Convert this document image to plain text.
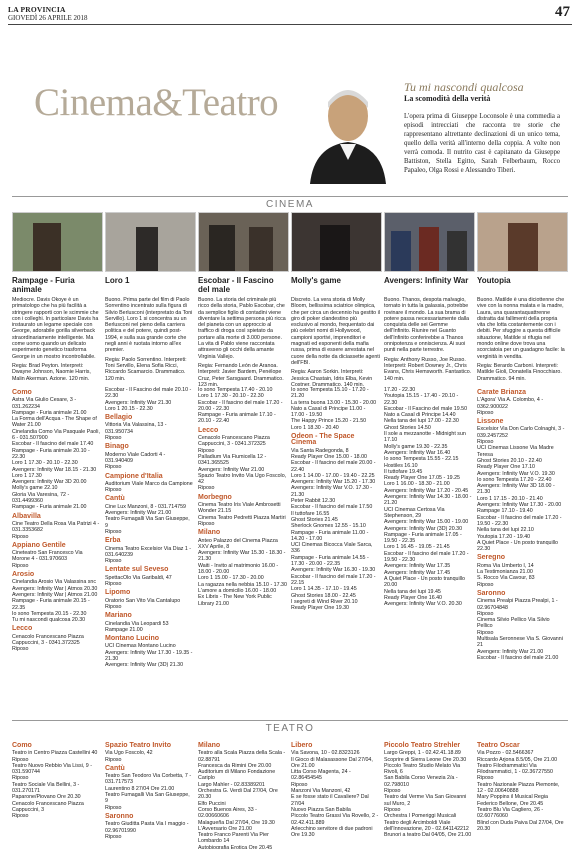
LA PROVINCIA
GIOVEDÌ 26 APRILE 2018	47
Cinema&Teatro	Tu mi nascondi qualcosa
La scomodità della verità
L'opera prima di Giuseppe Loconsole è una commedia a episodi intrecciati che racconta tre storie che rappresentano altrettante declinazioni di un unico tema, quello della verità all'interno della coppia. A volte non verrà comoda. Il nutrito cast è capitanato da Giuseppe Battiston, Stella Egitto, Sarah Felberbaum, Rocco Papaleo, Olga Rossi e Alessandro Tiberi.
CINEMA
Rampage - Furia animale
Mediocre. Davis Okoye è un primatologo che ha più facilità a stringere rapporti con le scimmie che con i colleghi. In particolare Davis ha instaurato un legame speciale con George, adorabile gorilla silverback straordinariamente intelligente. Ma come uomo quando un delicato esperimento genetico trasforma George in un mostro incontrollabile.
Regia: Brad Peyton. Interpreti: Dwayne Johnson, Naomie Harris, Malin Akerman. Azione. 120 min.
Loro 1
Buono. Prima parte del film di Paolo Sorrentino incentrato sulla figura di Silvio Berlusconi (interpretato da Toni Servillo). Loro 1 si concentra su un Berlusconi nel pieno della carriera politica e del potere, quindi post-1994, e sulla sua grande corte che negli anni è ruotata intorno all'ex premier.
Regia: Paolo Sorrentino. Interpreti: Toni Servillo, Elena Sofia Ricci, Riccardo Scamarcio. Drammatico. 120 min.
Escobar - Il Fascino del male
Buono. La storia del criminale più ricco della storia, Pablo Escobar, che da semplice figlio di contadini viene diventare la settima persona più ricca del pianeta con un approccio al traffico di droga così spietato da portare alla morte di 3.000 persone. La vita di Pablo viene raccontata attraverso gli occhi della amante Virginia Vallejo.
Regia: Fernando León de Aranoa. Interpreti: Javier Bardem, Penélope Cruz, Peter Sarsgaard. Drammatico. 123 min.
Molly's game
Discreto. La vera storia di Molly Bloom, bellissima sciatrice olimpica, che per circa un decennio ha gestito il giro di poker clandestino più esclusivo al mondo, frequentato dai più celebri nomi di Hollywood, campioni sportivi, imprenditori e magnati ed esponenti della mafia russa, prima di essere arrestata nel cuore della notte da diciassette agenti dell'FBI.
Regia: Aaron Sorkin. Interpreti: Jessica Chastain, Idris Elba, Kevin Costner. Drammatico. 140 min.
Avengers: Infinity War
Buono. Thanos, despota malvagio, tornato in tutta la galassia, potrebbe rovinare il mondo. La sua brama di potere passa necessariamente dalla conquista delle sei Gemme dell'Infinito. Riunire nel Guanto dell'Infinito conferirebbe a Thanos onnipotenza e onniscienza. Ai suoi punti nella parte terrestre.
Regia: Anthony Russo, Joe Russo. Interpreti: Robert Downey Jr., Chris Evans, Chris Hemsworth. Fantastico. 140 min.
Youtopia
Buono. Matilde è una diciottenne che vive con la nonna malata e la madre, Laura, una quarantaquattrenne distratta dai fallimenti della propria vita che lotta costantemente con i debiti. Per sfuggire a questa difficile situazione, Matilde si rifugia nel mondo online dove trova una scorciatoia per un guadagno facile: la verginità in vendita.
Regia: Berardo Carboni. Interpreti: Matilde Gioli, Donatella Finocchiaro. Drammatico. 94 min.
Como
Astra Via Giulio Cesare, 3 - 031.262234
Rampage - Furia animale 21.00
La Forma dell'Acqua - The Shape of Water 21.00
Cinelandia Como Via Pasquale Paoli, 6 - 031.507900
Escobar - Il fascino del male 17.40
Rampage - Furia animale 20.10 - 22.30
Loro 1 17.30 - 20.10 - 22.30
Avengers: Infinity War 18.15 - 21.30
Loro 1 17.30
Avengers: Infinity War 3D 20.00
Molly's game 22.10
Gloria Via Varesina, 72 - 031.4499360
Rampage - Furia animale 21.00
Albavilla
Cine Teatro Della Rosa Via Patrizi 4 - 031.3353682
Riposo
Appiano Gentile
Cineteatro San Francesco Via Morone 4 - 031.970603
Riposo
Arosio
Cinelandia Arosio Via Valassina snc
Avengers: Infinity War | Atmos 20.30
Avengers: Infinity War | Atmos 21.00
Rampage - Furia animale 20.15 - 22.35
Io sono Tempesta 20.15 - 22.30
Tu mi nascondi qualcosa 20.30
Lecco
Cenacolo Francescano Piazza Cappuccini, 3 - 0341.372325
Riposo
Escobar - Il Fascino del male 20.10 - 22.30
Avengers: Infinity War 21.30
Loro 1 20.15 - 22.30
Bellagio
Vittoria Via Valassina, 13 - 031.950734
Riposo
Binago
Moderno Viale Cadorti 4 - 031.940409
Riposo
Campione d'Italia
Auditorium Viale Marco da Campione
Riposo
Cantù
Cine Lux Manzoni, 8 - 031.714759
Avengers: Infinity War 21.00
Teatro Fumagalli Via San Giuseppe, 9
Riposo
Erba
Cinema Teatro Excelsior Via Diaz 1 - 031.640239
Riposo
Lentate sul Seveso
SpettacOlo Via Garibaldi, 47
Riposo
Lipomo
Oratorio San Vito Via Cantalupo
Riposo
Mariano
Cinelandia Via Leopardi 53
Rampage 21.00
Montano Lucino
UCI Cinemas Montano Lucino
Avengers: Infinity War 17.30 - 19.35 - 21.30
Avengers: Infinity War (3D) 21.30
Io sono Tempesta 17.40 - 20.10
Loro 1 17.30 - 20.10 - 22.30
Escobar - Il fascino del male 17.20 - 20.00 - 22.30
Rampage - Furia animale 17.10 - 20.10 - 22.40
Lecco
Cenacolo Francescano Piazza Cappuccini, 3 - 0341.372325
Riposo
Palladium Via Fiumicella 12 - 0341.365525
Avengers: Infinity War 21.00
Spazio Teatro Invito Via Ugo Foscolo, 42
Riposo
Morbegno
Cinema Teatro Iris Viale Ambrosetti
Wonder 21.15
Cinema Teatro Pedretti Piazza Martiri
Riposo
Milano
Anteo Palazzo del Cinema Piazza XXV Aprile, 8
Avengers: Infinity War 15.30 - 18.30 - 21.30
Waiti - Invito al matrimonio 16.00 - 18.00 - 20.00
Loro 1 15.00 - 17.30 - 20.00
La ragazza nella nebbia 15.10 - 17.30
L'amore a domicilio 16.00 - 18.00
Ex Libris - The New York Public Library 21.00
Io sono Tempesta 15.10 - 17.20 - 21.20
La terra buona 13.00 - 15.30 - 20.00
Nato a Casal di Principe 11.00 - 17.00 - 19.50
The Happy Prince 15.20 - 21.50
Loro 1 18.30 - 20.40
Odeon - The Space Cinema
Via Santa Radegonda, 8
Ready Player One 15.00 - 18.00
Escobar - Il fascino del male 20.00 - 22.40
Loro 1 14.00 - 17.00 - 19.40 - 22.25
Avengers: Infinity War 15.20 - 17.30
Avengers: Infinity War V.O. 17.30 - 21.30
Peter Rabbit 12.30
Escobar - Il fascino del male 17.50
Il tuttofare 16.55
Ghost Stories 21.45
Sherlock Gnomes 12.55 - 15.10
Rampage - Furia animale 11.00 - 14.20 - 17.00
UCI Cinemas Bicocca Viale Sarca, 336
Rampage - Furia animale 14.55 - 17.30 - 20.00 - 22.35
Avengers: Infinity War 16.30 - 19.30
Escobar - Il fascino del male 17.20 - 22.15
Loro 1 14.35 - 17.10 - 19.45
Ghost Stories 18.00 - 22.45
I segreti di Wind River 20.10
Ready Player One 19.30
17.20 - 22.30
Youtopia 15.15 - 17.40 - 20.10 - 22.30
Escobar - Il Fascino del male 19.50
Nato a Casal di Principe 14.40
Nella tana dei lupi 17.00 - 22.30
Ghost Stories 14.50
Il sole a mezzanotte - Midnight sun 17.10
Molly's game 19.30 - 22.35
Avengers: Infinity War 16.40
Io sono Tempesta 15.55 - 22.15
Hostiles 16.10
Il tuttofare 19.45
Ready Player One 17.05 - 19.25
Loro 1 16.00 - 18.30 - 21.00
Avengers: Infinity War 17.20 - 20.45
Avengers: Infinity War 14.30 - 18.00 - 21.20
UCI Cinemas Certosa Via Stephenson, 29
Avengers: Infinity War 15.00 - 19.00
Avengers: Infinity War (3D) 20.30
Rampage - Furia animale 17.05 - 19.50 - 22.35
Loro 1 16.45 - 19.05 - 21.45
Escobar - Il fascino del male 17.20 - 19.50 - 22.30
Avengers: Infinity War 17.35
Avengers: Infinity War 17.45
A Quiet Place - Un posto tranquillo 20.00
Nella tana dei lupi 19.45
Ready Player One 16.40
Avengers: Infinity War V.O. 20.30
Carate Brianza
L'Agora' Via A. Colombo, 4 - 0362.900022
Riposo
Lissone
Excelsior Via Don Carlo Colnaghi, 3 - 039.2457252
Riposo
UCI Cinemas Lissone Via Madre Teresa
Ghost Stories 20.10 - 22.40
Ready Player One 17.10
Avengers: Infinity War V.O. 19.30
Io sono Tempesta 17.20 - 22.40
Avengers: Infinity War 3D 18.00 - 21.30
Loro 1 17.15 - 20.10 - 21.40
Avengers: Infinity War 17.30 - 20.00
Rampage 17.10 - 19.40
Escobar - Il fascino del male 17.20 - 19.50 - 22.30
Nella tana dei lupi 22.10
Youtopia 17.20 - 19.40
A Quiet Place - Un posto tranquillo 22.30
Seregno
Roma Via Umberto I, 14
La Testimonianza 21.00
S. Rocco Via Cavour, 83
Riposo
Saronno
Cinema Prealpi Piazza Prealpi, 1 - 02.96704848
Riposo
Cinema Silvio Pellico Via Silvio Pellico
Riposo
Multisala Seronnese Via S. Giovanni 21
Avengers: Infinity War 21.00
Escobar - Il fascino del male 21.00
TEATRO
Como
Teatro in Centro Piazza Castellini 40
Riposo
Teatro Nuovo Rebbio Via Lissi, 9 - 031.590744
Riposo
Teatro Sociale Via Bellini, 3 - 031.270171
Paparone/Piovano Ore 20.30
Cenacolo Francescano Piazza Cappuccini, 3
Riposo
Spazio Teatro Invito
Via Ugo Foscolo, 42
Riposo
Cantù
Teatro San Teodoro Via Corbetta, 7 - 031.717573
Laurentino 8 27/04 Ore 21.00
Teatro Fumagalli Via San Giuseppe, 9
Riposo
Saronno
Teatro Giuditta Pasta Via I maggio - 02.96701990
Riposo
Milano
Teatro alla Scala Piazza della Scala - 02.88791
Francesca da Rimini Ore 20.00
Auditorium di Milano Fondazione Cariplo
Largo Mahler - 02.83389201
Orchestra G. Verdi Dal 27/04, Ore 20.30
Elfo Puccini
Corso Buenos Aires, 33 - 02.00660606
Malagueña Dal 27/04, Ore 19.30
L'Avversario Ore 21.00
Teatro Franco Parenti Via Pier Lombardo 14
Autobiografia Erotica Ore 20.45
Libero
Via Savona, 10 - 02.8323126
Il Gioco di Malasassone Dal 27/04, Ore 21.00
Litta Corso Magenta, 24 - 02.86454545
Riposo
Manzoni Via Manzoni, 42
E se fosse stato il Cavaliere? Dal 27/04
Nuovo Piazza San Babila
Piccolo Teatro Grassi Via Rovello, 2 - 02.42.411.889
Arlecchino servitore di due padroni Ore 19.30
Piccolo Teatro Strehler
Largo Greppi, 1 - 02.42.41.18.89
Scoprire di Sierra Leone Ore 20.30
Piccolo Teatro Studio Melato Via Rivoli, 6
San Babila Corso Venezia 2/a - 02.798010
Riposo
Teatro dal Verme Via San Giovanni sul Muro, 2
Riposo
Orchestra I Pomeriggi Musicali
Teatro degli Arcimboldi Viale dell'Innovazione, 20 - 02.641142212
Brunori a teatro Dal 04/05, Ore 21.00
Teatro Oscar
Via Pozzo - 02.5466367
Riccardo Arjona 8.5/05, Ore 21.00
Teatro Filodrammatici Via Filodrammatici, 1 - 02.36727550
Riposo
Teatro Nazionale Piazza Piemonte, 12 - 02.00640888
Mary Poppins il Musical Regia Federico Bellone, Ore 20.45
Teatro Blu Via Cagliero, 26 - 02.60776060
Blind con Duda Paiva Dal 27/04, Ore 20.30
